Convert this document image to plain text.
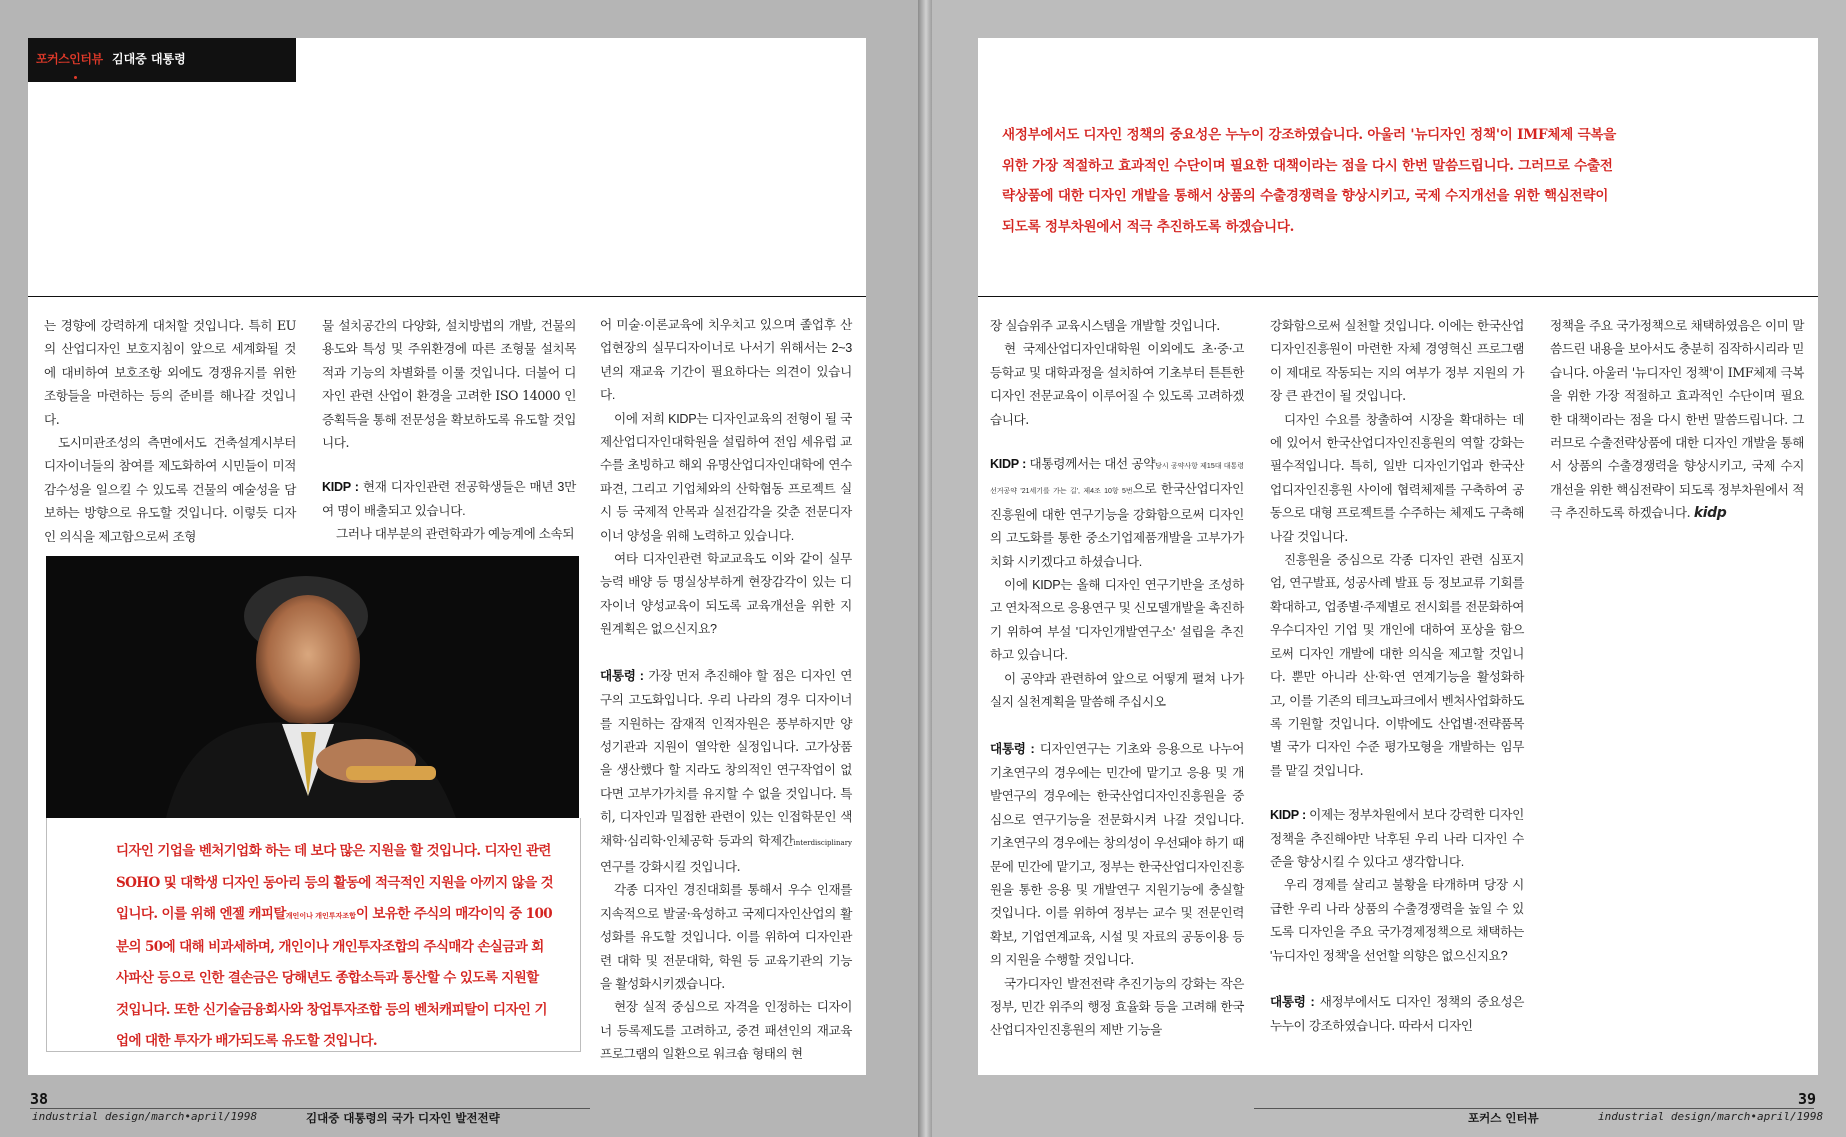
포커스인터뷰 김대중 대통령

는 경향에 강력하게 대처할 것입니다. 특히 EU의 산업디자인 보호지침이 앞으로 세계화될 것에 대비하여 보호조항 외에도 경쟁유지를 위한 조항들을 마련하는 등의 준비를 해나갈 것입니다.

도시미관조성의 측면에서도 건축설계시부터 디자이너들의 참여를 제도화하여 시민들이 미적 감수성을 일으킬 수 있도록 건물의 예술성을 담보하는 방향으로 유도할 것입니다. 이렇듯 디자인 의식을 제고함으로써 조형

물 설치공간의 다양화, 설치방법의 개발, 건물의 용도와 특성 및 주위환경에 따른 조형물 설치목적과 기능의 차별화를 이룰 것입니다. 더불어 디자인 관련 산업이 환경을 고려한 ISO 14000 인증획득을 통해 전문성을 확보하도록 유도할 것입니다.

KIDP : 현재 디자인관련 전공학생들은 매년 3만여 명이 배출되고 있습니다.

그러나 대부분의 관련학과가 예능계에 소속되

디자인 기업을 벤처기업화 하는 데 보다 많은 지원을 할 것입니다. 디자인 관련
SOHO 및 대학생 디자인 동아리 등의 활동에 적극적인 지원을 아끼지 않을 것
입니다. 이를 위해 엔젤 캐피탈개인이나 개인투자조합이 보유한 주식의 매각이익 중 100
분의 50에 대해 비과세하며, 개인이나 개인투자조합의 주식매각 손실금과 회
사파산 등으로 인한 결손금은 당해년도 종합소득과 통산할 수 있도록 지원할
것입니다. 또한 신기술금융회사와 창업투자조합 등의 벤처캐피탈이 디자인 기
업에 대한 투자가 배가되도록 유도할 것입니다.

어 미술·이론교육에 치우치고 있으며 졸업후 산업현장의 실무디자이너로 나서기 위해서는 2~3년의 재교육 기간이 필요하다는 의견이 있습니다.

이에 저희 KIDP는 디자인교육의 전형이 될 국제산업디자인대학원을 설립하여 전임 세유럽 교수를 초빙하고 해외 유명산업디자인대학에 연수파견, 그리고 기업체와의 산학협동 프로젝트 실시 등 국제적 안목과 실전감각을 갖춘 전문디자이너 양성을 위해 노력하고 있습니다.

여타 디자인관련 학교교육도 이와 같이 실무능력 배양 등 명실상부하게 현장감각이 있는 디자이너 양성교육이 되도록 교육개선을 위한 지원계획은 없으신지요?

대통령 : 가장 먼저 추진해야 할 점은 디자인 연구의 고도화입니다. 우리 나라의 경우 디자이너를 지원하는 잠재적 인적자원은 풍부하지만 양성기관과 지원이 열악한 실정입니다. 고가상품을 생산했다 할 지라도 창의적인 연구작업이 없다면 고부가가치를 유지할 수 없을 것입니다. 특히, 디자인과 밀접한 관련이 있는 인접학문인 색채학·심리학·인체공학 등과의 학제간interdisciplinary연구를 강화시킬 것입니다.

각종 디자인 경진대회를 통해서 우수 인재를 지속적으로 발굴·육성하고 국제디자인산업의 활성화를 유도할 것입니다. 이를 위하여 디자인관련 대학 및 전문대학, 학원 등 교육기관의 기능을 활성화시키겠습니다.

현장 실적 중심으로 자격을 인정하는 디자이너 등록제도를 고려하고, 중견 패션인의 재교육 프로그램의 일환으로 워크숍 형태의 현

38
industrial design/march•april/1998	김대중 대통령의 국가 디자인 발전전략
새정부에서도 디자인 정책의 중요성은 누누이 강조하였습니다. 아울러 '뉴디자인 정책'이 IMF체제 극복을
위한 가장 적절하고 효과적인 수단이며 필요한 대책이라는 점을 다시 한번 말씀드립니다. 그러므로 수출전
략상품에 대한 디자인 개발을 통해서 상품의 수출경쟁력을 향상시키고, 국제 수지개선을 위한 핵심전략이
되도록 정부차원에서 적극 추진하도록 하겠습니다.

장 실습위주 교육시스템을 개발할 것입니다.

현 국제산업디자인대학원 이외에도 초·중·고등학교 및 대학과정을 설치하여 기초부터 튼튼한 디자인 전문교육이 이루어질 수 있도록 고려하겠습니다.

KIDP : 대통령께서는 대선 공약당시 공약사항 제15대 대통령 선거공약 '21세기를 가는 길', 제4조 10항 5번으로 한국산업디자인진흥원에 대한 연구기능을 강화함으로써 디자인의 고도화를 통한 중소기업제품개발을 고부가가치화 시키겠다고 하셨습니다.

이에 KIDP는 올해 디자인 연구기반을 조성하고 연차적으로 응용연구 및 신모델개발을 촉진하기 위하여 부설 '디자인개발연구소' 설립을 추진하고 있습니다.

이 공약과 관련하여 앞으로 어떻게 펼쳐 나가실지 실천계획을 말씀해 주십시오

대통령 : 디자인연구는 기초와 응용으로 나누어 기초연구의 경우에는 민간에 맡기고 응용 및 개발연구의 경우에는 한국산업디자인진흥원을 중심으로 연구기능을 전문화시켜 나갈 것입니다. 기초연구의 경우에는 창의성이 우선돼야 하기 때문에 민간에 맡기고, 정부는 한국산업디자인진흥원을 통한 응용 및 개발연구 지원기능에 충실할 것입니다. 이를 위하여 정부는 교수 및 전문인력 확보, 기업연계교육, 시설 및 자료의 공동이용 등의 지원을 수행할 것입니다.

국가디자인 발전전략 추진기능의 강화는 작은 정부, 민간 위주의 행정 효율화 등을 고려해 한국산업디자인진흥원의 제반 기능을

강화함으로써 실천할 것입니다. 이에는 한국산업디자인진흥원이 마련한 자체 경영혁신 프로그램이 제대로 작동되는 지의 여부가 정부 지원의 가장 큰 관건이 될 것입니다.

디자인 수요를 창출하여 시장을 확대하는 데에 있어서 한국산업디자인진흥원의 역할 강화는 필수적입니다. 특히, 일반 디자인기업과 한국산업디자인진흥원 사이에 협력체제를 구축하여 공동으로 대형 프로젝트를 수주하는 체제도 구축해 나갈 것입니다.

진흥원을 중심으로 각종 디자인 관련 심포지엄, 연구발표, 성공사례 발표 등 정보교류 기회를 확대하고, 업종별·주제별로 전시회를 전문화하여 우수디자인 기업 및 개인에 대하여 포상을 함으로써 디자인 개발에 대한 의식을 제고할 것입니다. 뿐만 아니라 산·학·연 연계기능을 활성화하고, 이를 기존의 테크노파크에서 벤처사업화하도록 기원할 것입니다. 이밖에도 산업별·전략품목별 국가 디자인 수준 평가모형을 개발하는 임무를 맡길 것입니다.

KIDP : 이제는 정부차원에서 보다 강력한 디자인 정책을 추진해야만 낙후된 우리 나라 디자인 수준을 향상시킬 수 있다고 생각합니다.

우리 경제를 살리고 불황을 타개하며 당장 시급한 우리 나라 상품의 수출경쟁력을 높일 수 있도록 디자인을 주요 국가경제정책으로 채택하는 '뉴디자인 정책'을 선언할 의향은 없으신지요?

대통령 : 새정부에서도 디자인 정책의 중요성은 누누이 강조하였습니다. 따라서 디자인

정책을 주요 국가정책으로 채택하였음은 이미 말씀드린 내용을 보아서도 충분히 짐작하시리라 믿습니다. 아울러 '뉴디자인 정책'이 IMF체제 극복을 위한 가장 적절하고 효과적인 수단이며 필요한 대책이라는 점을 다시 한번 말씀드립니다. 그러므로 수출전략상품에 대한 디자인 개발을 통해서 상품의 수출경쟁력을 향상시키고, 국제 수지개선을 위한 핵심전략이 되도록 정부차원에서 적극 추진하도록 하겠습니다. kidp

포커스 인터뷰	industrial design/march•april/1998
39
